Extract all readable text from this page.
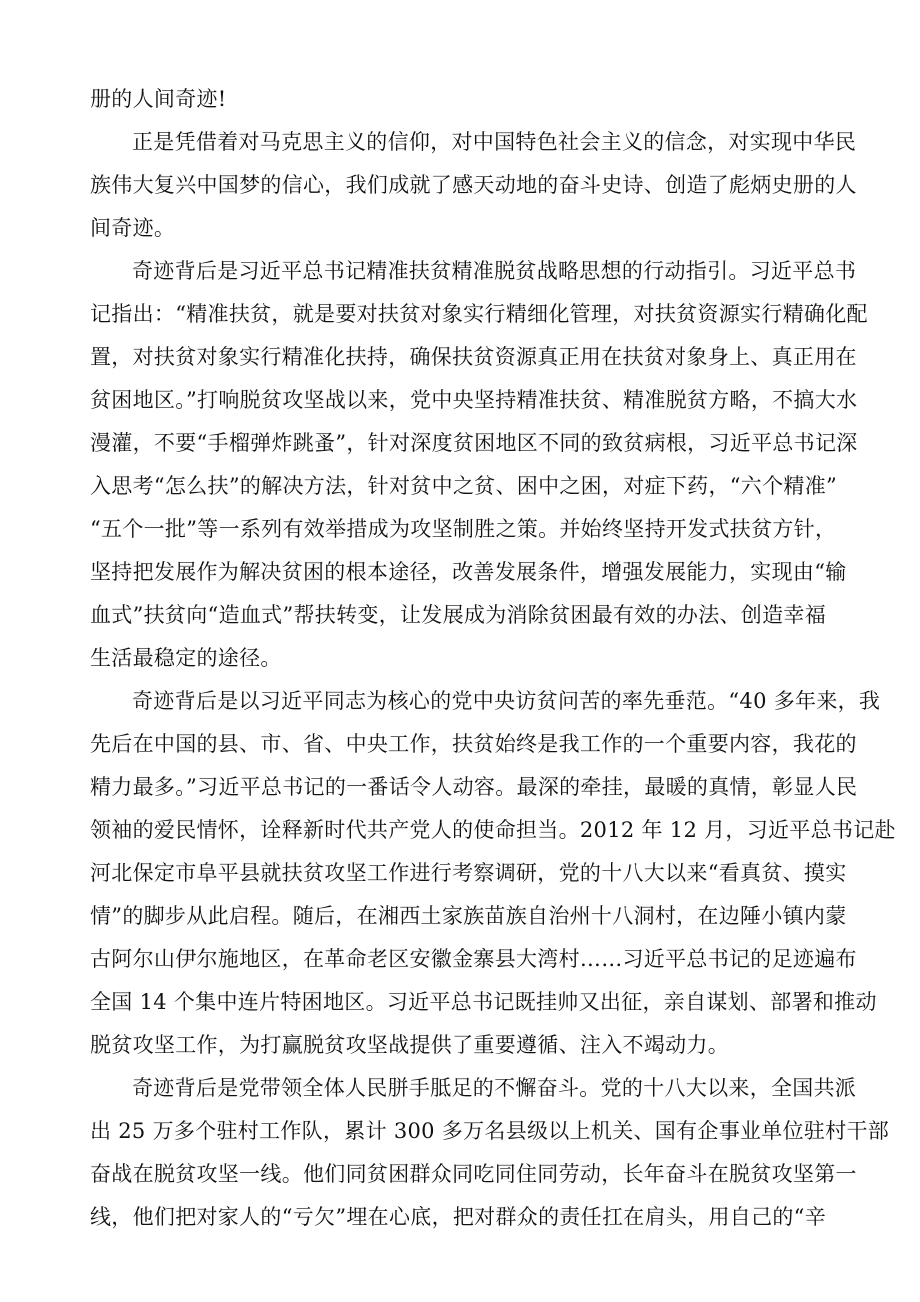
册的人间奇迹!
正是凭借着对马克思主义的信仰，对中国特色社会主义的信念，对实现中华民
族伟大复兴中国梦的信心，我们成就了感天动地的奋斗史诗、创造了彪炳史册的人
间奇迹。
奇迹背后是习近平总书记精准扶贫精准脱贫战略思想的行动指引。习近平总书
记指出：“精准扶贫，就是要对扶贫对象实行精细化管理，对扶贫资源实行精确化配
置，对扶贫对象实行精准化扶持，确保扶贫资源真正用在扶贫对象身上、真正用在
贫困地区。”打响脱贫攻坚战以来，党中央坚持精准扶贫、精准脱贫方略，不搞大水
漫灌，不要“手榴弹炸跳蚤”，针对深度贫困地区不同的致贫病根，习近平总书记深
入思考“怎么扶”的解决方法，针对贫中之贫、困中之困，对症下药，“六个精准”
“五个一批”等一系列有效举措成为攻坚制胜之策。并始终坚持开发式扶贫方针，
坚持把发展作为解决贫困的根本途径，改善发展条件，增强发展能力，实现由“输
血式”扶贫向“造血式”帮扶转变，让发展成为消除贫困最有效的办法、创造幸福
生活最稳定的途径。
奇迹背后是以习近平同志为核心的党中央访贫问苦的率先垂范。“40 多年来，我
先后在中国的县、市、省、中央工作，扶贫始终是我工作的一个重要内容，我花的
精力最多。”习近平总书记的一番话令人动容。最深的牵挂，最暖的真情，彰显人民
领袖的爱民情怀，诠释新时代共产党人的使命担当。2012 年 12 月，习近平总书记赴
河北保定市阜平县就扶贫攻坚工作进行考察调研，党的十八大以来“看真贫、摸实
情”的脚步从此启程。随后，在湘西土家族苗族自治州十八洞村，在边陲小镇内蒙
古阿尔山伊尔施地区，在革命老区安徽金寨县大湾村……习近平总书记的足迹遍布
全国 14 个集中连片特困地区。习近平总书记既挂帅又出征，亲自谋划、部署和推动
脱贫攻坚工作，为打赢脱贫攻坚战提供了重要遵循、注入不竭动力。
奇迹背后是党带领全体人民胼手胝足的不懈奋斗。党的十八大以来，全国共派
出 25 万多个驻村工作队，累计 300 多万名县级以上机关、国有企事业单位驻村干部
奋战在脱贫攻坚一线。他们同贫困群众同吃同住同劳动，长年奋斗在脱贫攻坚第一
线，他们把对家人的“亏欠”埋在心底，把对群众的责任扛在肩头，用自己的“辛
